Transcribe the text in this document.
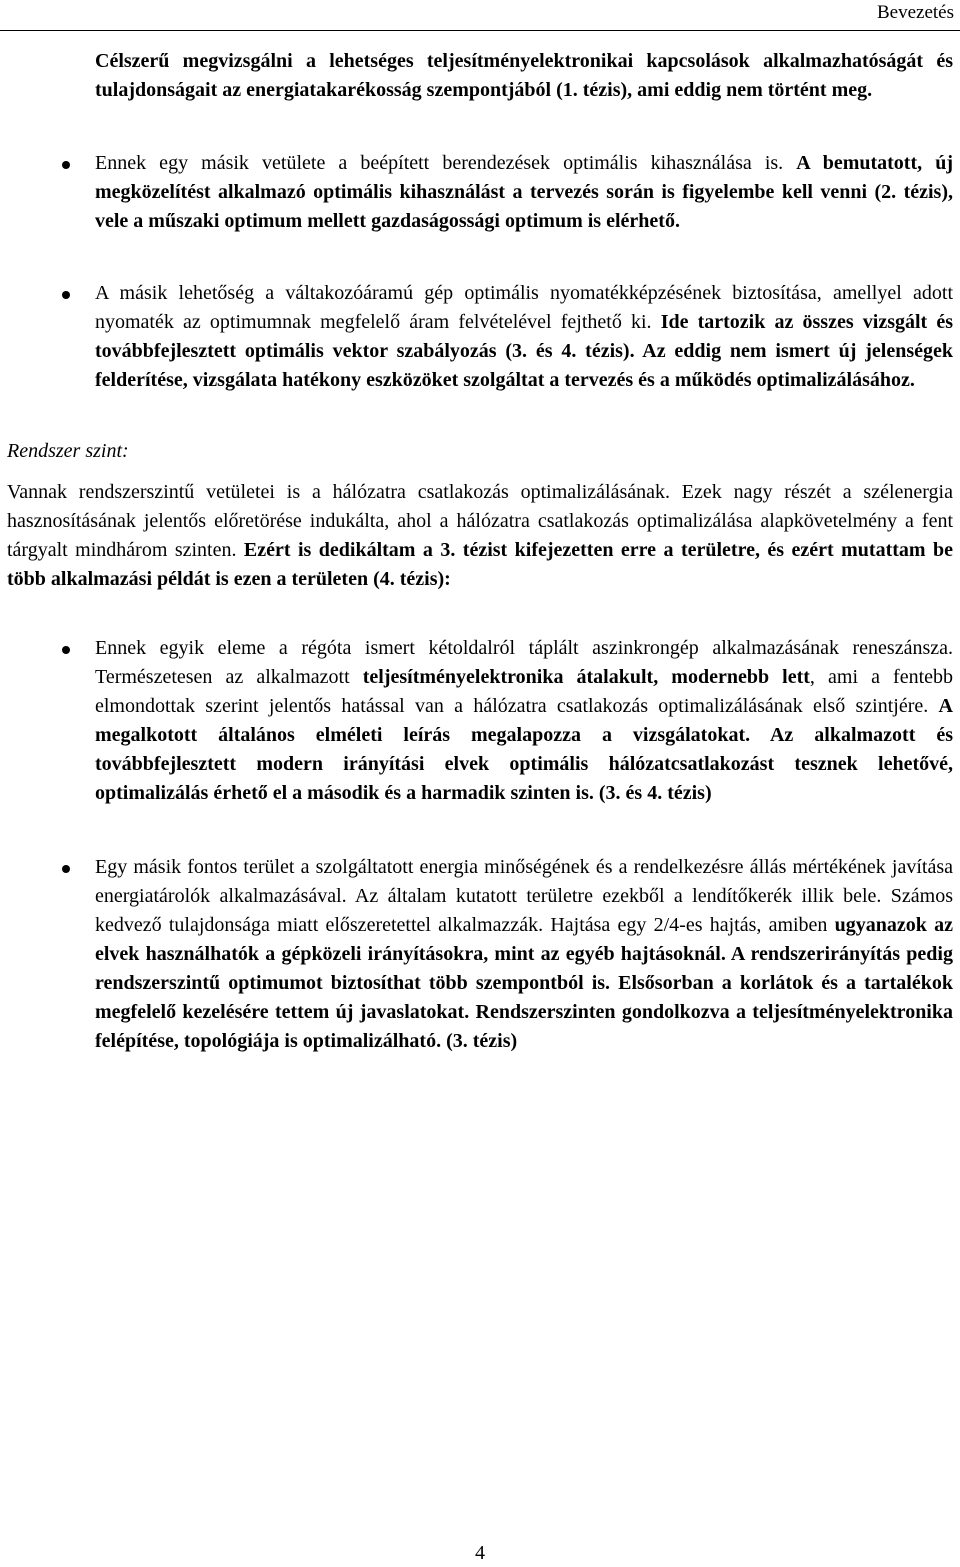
Bevezetés

Célszerű megvizsgálni a lehetséges teljesítményelektronikai kapcsolások alkalmazhatóságát és tulajdonságait az energiatakarékosság szempontjából (1. tézis), ami eddig nem történt meg.

Ennek egy másik vetülete a beépített berendezések optimális kihasználása is. A bemutatott, új megközelítést alkalmazó optimális kihasználást a tervezés során is figyelembe kell venni (2. tézis), vele a műszaki optimum mellett gazdaságossági optimum is elérhető.

A másik lehetőség a váltakozóáramú gép optimális nyomatékképzésének biztosítása, amellyel adott nyomaték az optimumnak megfelelő áram felvételével fejthető ki. Ide tartozik az összes vizsgált és továbbfejlesztett optimális vektor szabályozás (3. és 4. tézis). Az eddig nem ismert új jelenségek felderítése, vizsgálata hatékony eszközöket szolgáltat a tervezés és a működés optimalizálásához.

Rendszer szint:

Vannak rendszerszintű vetületei is a hálózatra csatlakozás optimalizálásának. Ezek nagy részét a szélenergia hasznosításának jelentős előretörése indukálta, ahol a hálózatra csatlakozás optimalizálása alapkövetelmény a fent tárgyalt mindhárom szinten. Ezért is dedikáltam a 3. tézist kifejezetten erre a területre, és ezért mutattam be több alkalmazási példát is ezen a területen (4. tézis):

Ennek egyik eleme a régóta ismert kétoldalról táplált aszinkrongép alkalmazásának reneszánsza. Természetesen az alkalmazott teljesítményelektronika átalakult, modernebb lett, ami a fentebb elmondottak szerint jelentős hatással van a hálózatra csatlakozás optimalizálásának első szintjére. A megalkotott általános elméleti leírás megalapozza a vizsgálatokat. Az alkalmazott és továbbfejlesztett modern irányítási elvek optimális hálózatcsatlakozást tesznek lehetővé, optimalizálás érhető el a második és a harmadik szinten is. (3. és 4. tézis)

Egy másik fontos terület a szolgáltatott energia minőségének és a rendelkezésre állás mértékének javítása energiatárolók alkalmazásával. Az általam kutatott területre ezekből a lendítőkerék illik bele. Számos kedvező tulajdonsága miatt előszeretettel alkalmazzák. Hajtása egy 2/4-es hajtás, amiben ugyanazok az elvek használhatók a gépközeli irányításokra, mint az egyéb hajtásoknál. A rendszerirányítás pedig rendszerszintű optimumot biztosíthat több szempontból is. Elsősorban a korlátok és a tartalékok megfelelő kezelésére tettem új javaslatokat. Rendszerszinten gondolkozva a teljesítményelektronika felépítése, topológiája is optimalizálható. (3. tézis)

4
